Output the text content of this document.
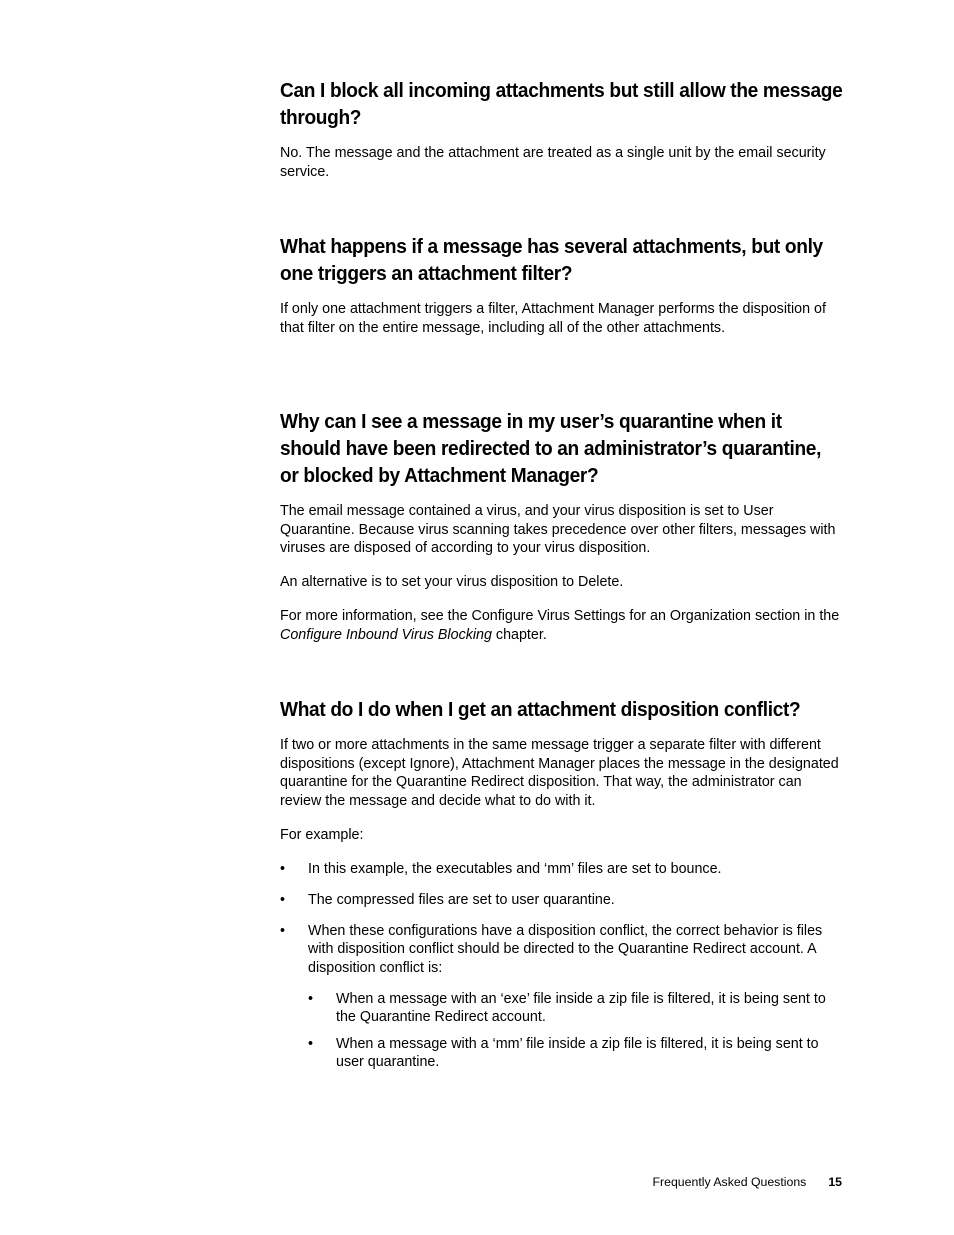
Can I block all incoming attachments but still allow the message through?

No. The message and the attachment are treated as a single unit by the email security service.

What happens if a message has several attachments, but only one triggers an attachment filter?

If only one attachment triggers a filter, Attachment Manager performs the disposition of that filter on the entire message, including all of the other attachments.

Why can I see a message in my user’s quarantine when it should have been redirected to an administrator’s quarantine, or blocked by Attachment Manager?

The email message contained a virus, and your virus disposition is set to User Quarantine. Because virus scanning takes precedence over other filters, messages with viruses are disposed of according to your virus disposition.

An alternative is to set your virus disposition to Delete.

For more information, see the Configure Virus Settings for an Organization section in the Configure Inbound Virus Blocking chapter.

What do I do when I get an attachment disposition conflict?

If two or more attachments in the same message trigger a separate filter with different dispositions (except Ignore), Attachment Manager places the message in the designated quarantine for the Quarantine Redirect disposition. That way, the administrator can review the message and decide what to do with it.

For example:

• In this example, the executables and ‘mm’ files are set to bounce.
• The compressed files are set to user quarantine.
• When these configurations have a disposition conflict, the correct behavior is files with disposition conflict should be directed to the Quarantine Redirect account. A disposition conflict is:
• When a message with an ‘exe’ file inside a zip file is filtered, it is being sent to the Quarantine Redirect account.
• When a message with a ‘mm’ file inside a zip file is filtered, it is being sent to user quarantine.
Frequently Asked Questions 15
